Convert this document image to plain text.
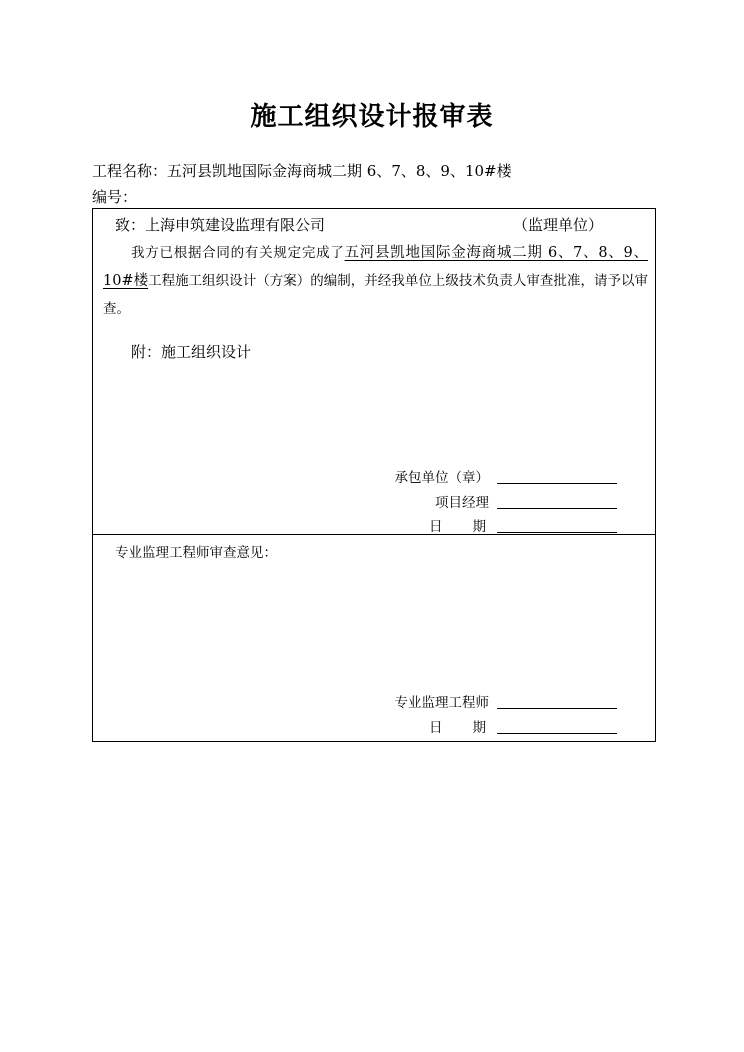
施工组织设计报审表
工程名称：五河县凯地国际金海商城二期 6、7、8、9、10#楼
编号：
致：上海申筑建设监理有限公司	（监理单位）
我方已根据合同的有关规定完成了五河县凯地国际金海商城二期 6、7、8、9、10#楼工程施工组织设计（方案）的编制，并经我单位上级技术负责人审查批准，请予以审查。
附：施工组织设计
承包单位（章）
项目经理
日 期
专业监理工程师审查意见：
专业监理工程师
日 期
